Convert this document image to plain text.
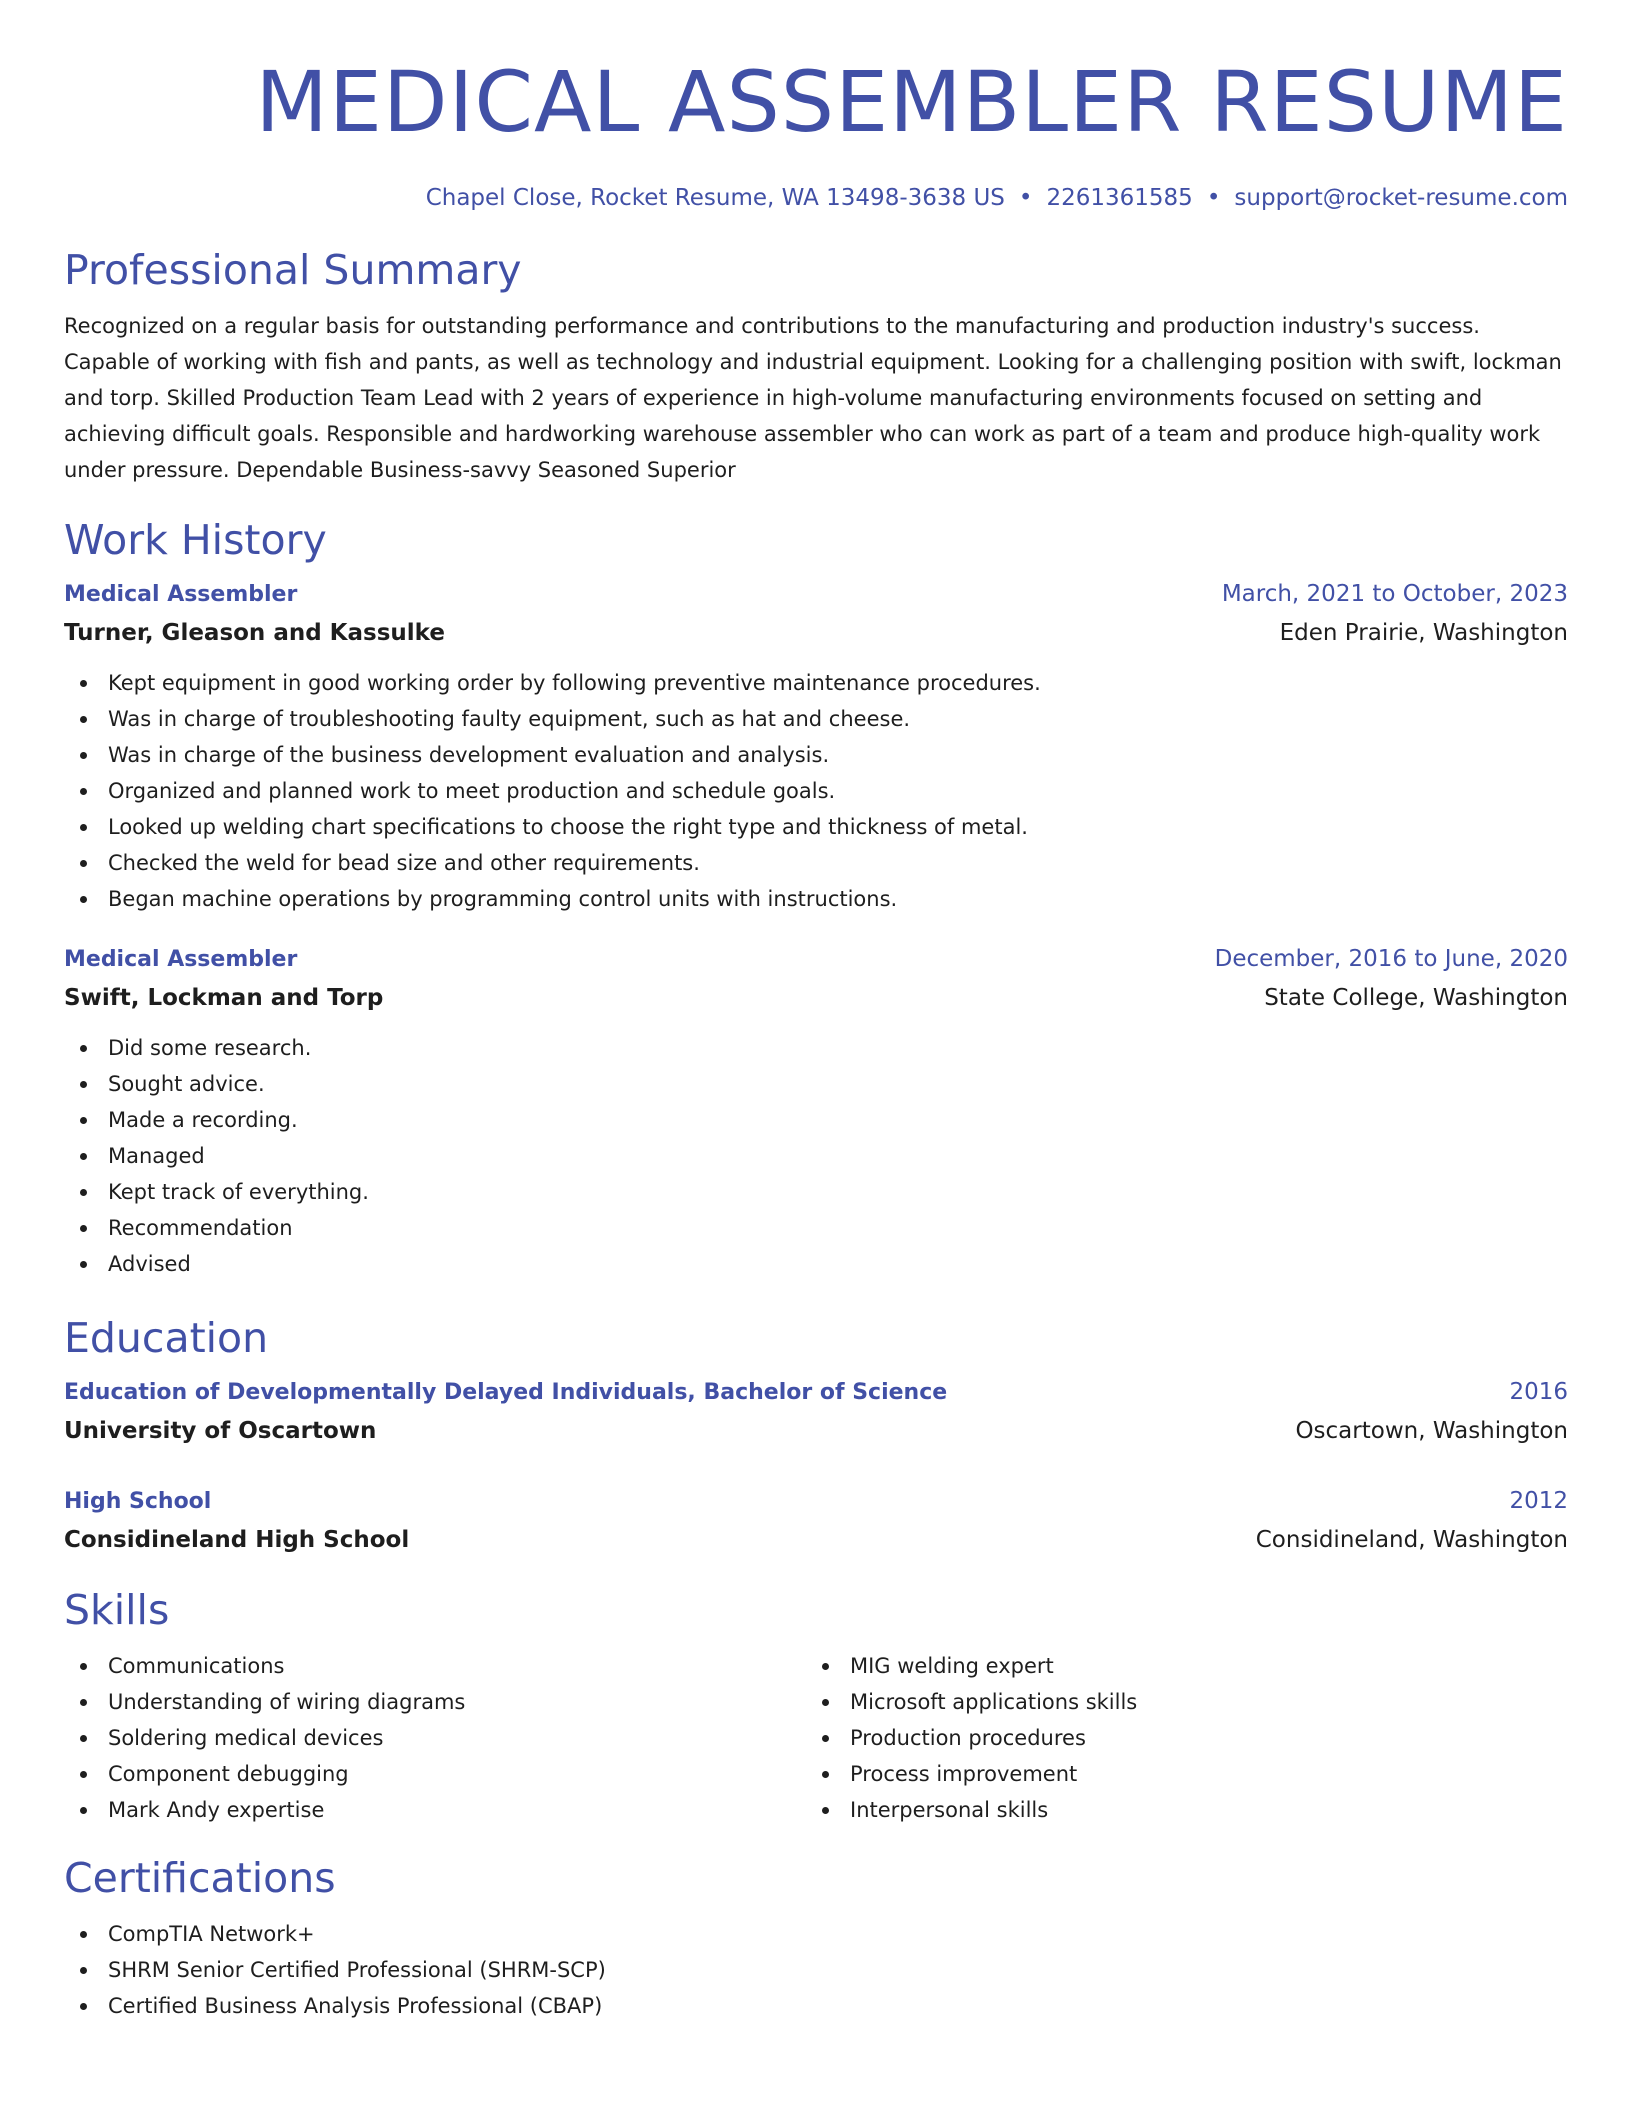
MEDICAL ASSEMBLER RESUME
Chapel Close, Rocket Resume, WA 13498-3638 US • 2261361585 • support@rocket-resume.com
Professional Summary

Recognized on a regular basis for outstanding performance and contributions to the manufacturing and production industry's success. Capable of working with fish and pants, as well as technology and industrial equipment. Looking for a challenging position with swift, lockman and torp. Skilled Production Team Lead with 2 years of experience in high-volume manufacturing environments focused on setting and achieving difficult goals. Responsible and hardworking warehouse assembler who can work as part of a team and produce high-quality work under pressure. Dependable Business-savvy Seasoned Superior

Work History
Medical Assembler	March, 2021 to October, 2023
Turner, Gleason and Kassulke	Eden Prairie, Washington
Kept equipment in good working order by following preventive maintenance procedures.
Was in charge of troubleshooting faulty equipment, such as hat and cheese.
Was in charge of the business development evaluation and analysis.
Organized and planned work to meet production and schedule goals.
Looked up welding chart specifications to choose the right type and thickness of metal.
Checked the weld for bead size and other requirements.
Began machine operations by programming control units with instructions.
Medical Assembler	December, 2016 to June, 2020
Swift, Lockman and Torp	State College, Washington
Did some research.
Sought advice.
Made a recording.
Managed
Kept track of everything.
Recommendation
Advised
Education
Education of Developmentally Delayed Individuals, Bachelor of Science	2016
University of Oscartown	Oscartown, Washington
High School	2012
Considineland High School	Considineland, Washington
Skills
Communications
Understanding of wiring diagrams
Soldering medical devices
Component debugging
Mark Andy expertise
MIG welding expert
Microsoft applications skills
Production procedures
Process improvement
Interpersonal skills
Certifications
CompTIA Network+
SHRM Senior Certified Professional (SHRM-SCP)
Certified Business Analysis Professional (CBAP)
